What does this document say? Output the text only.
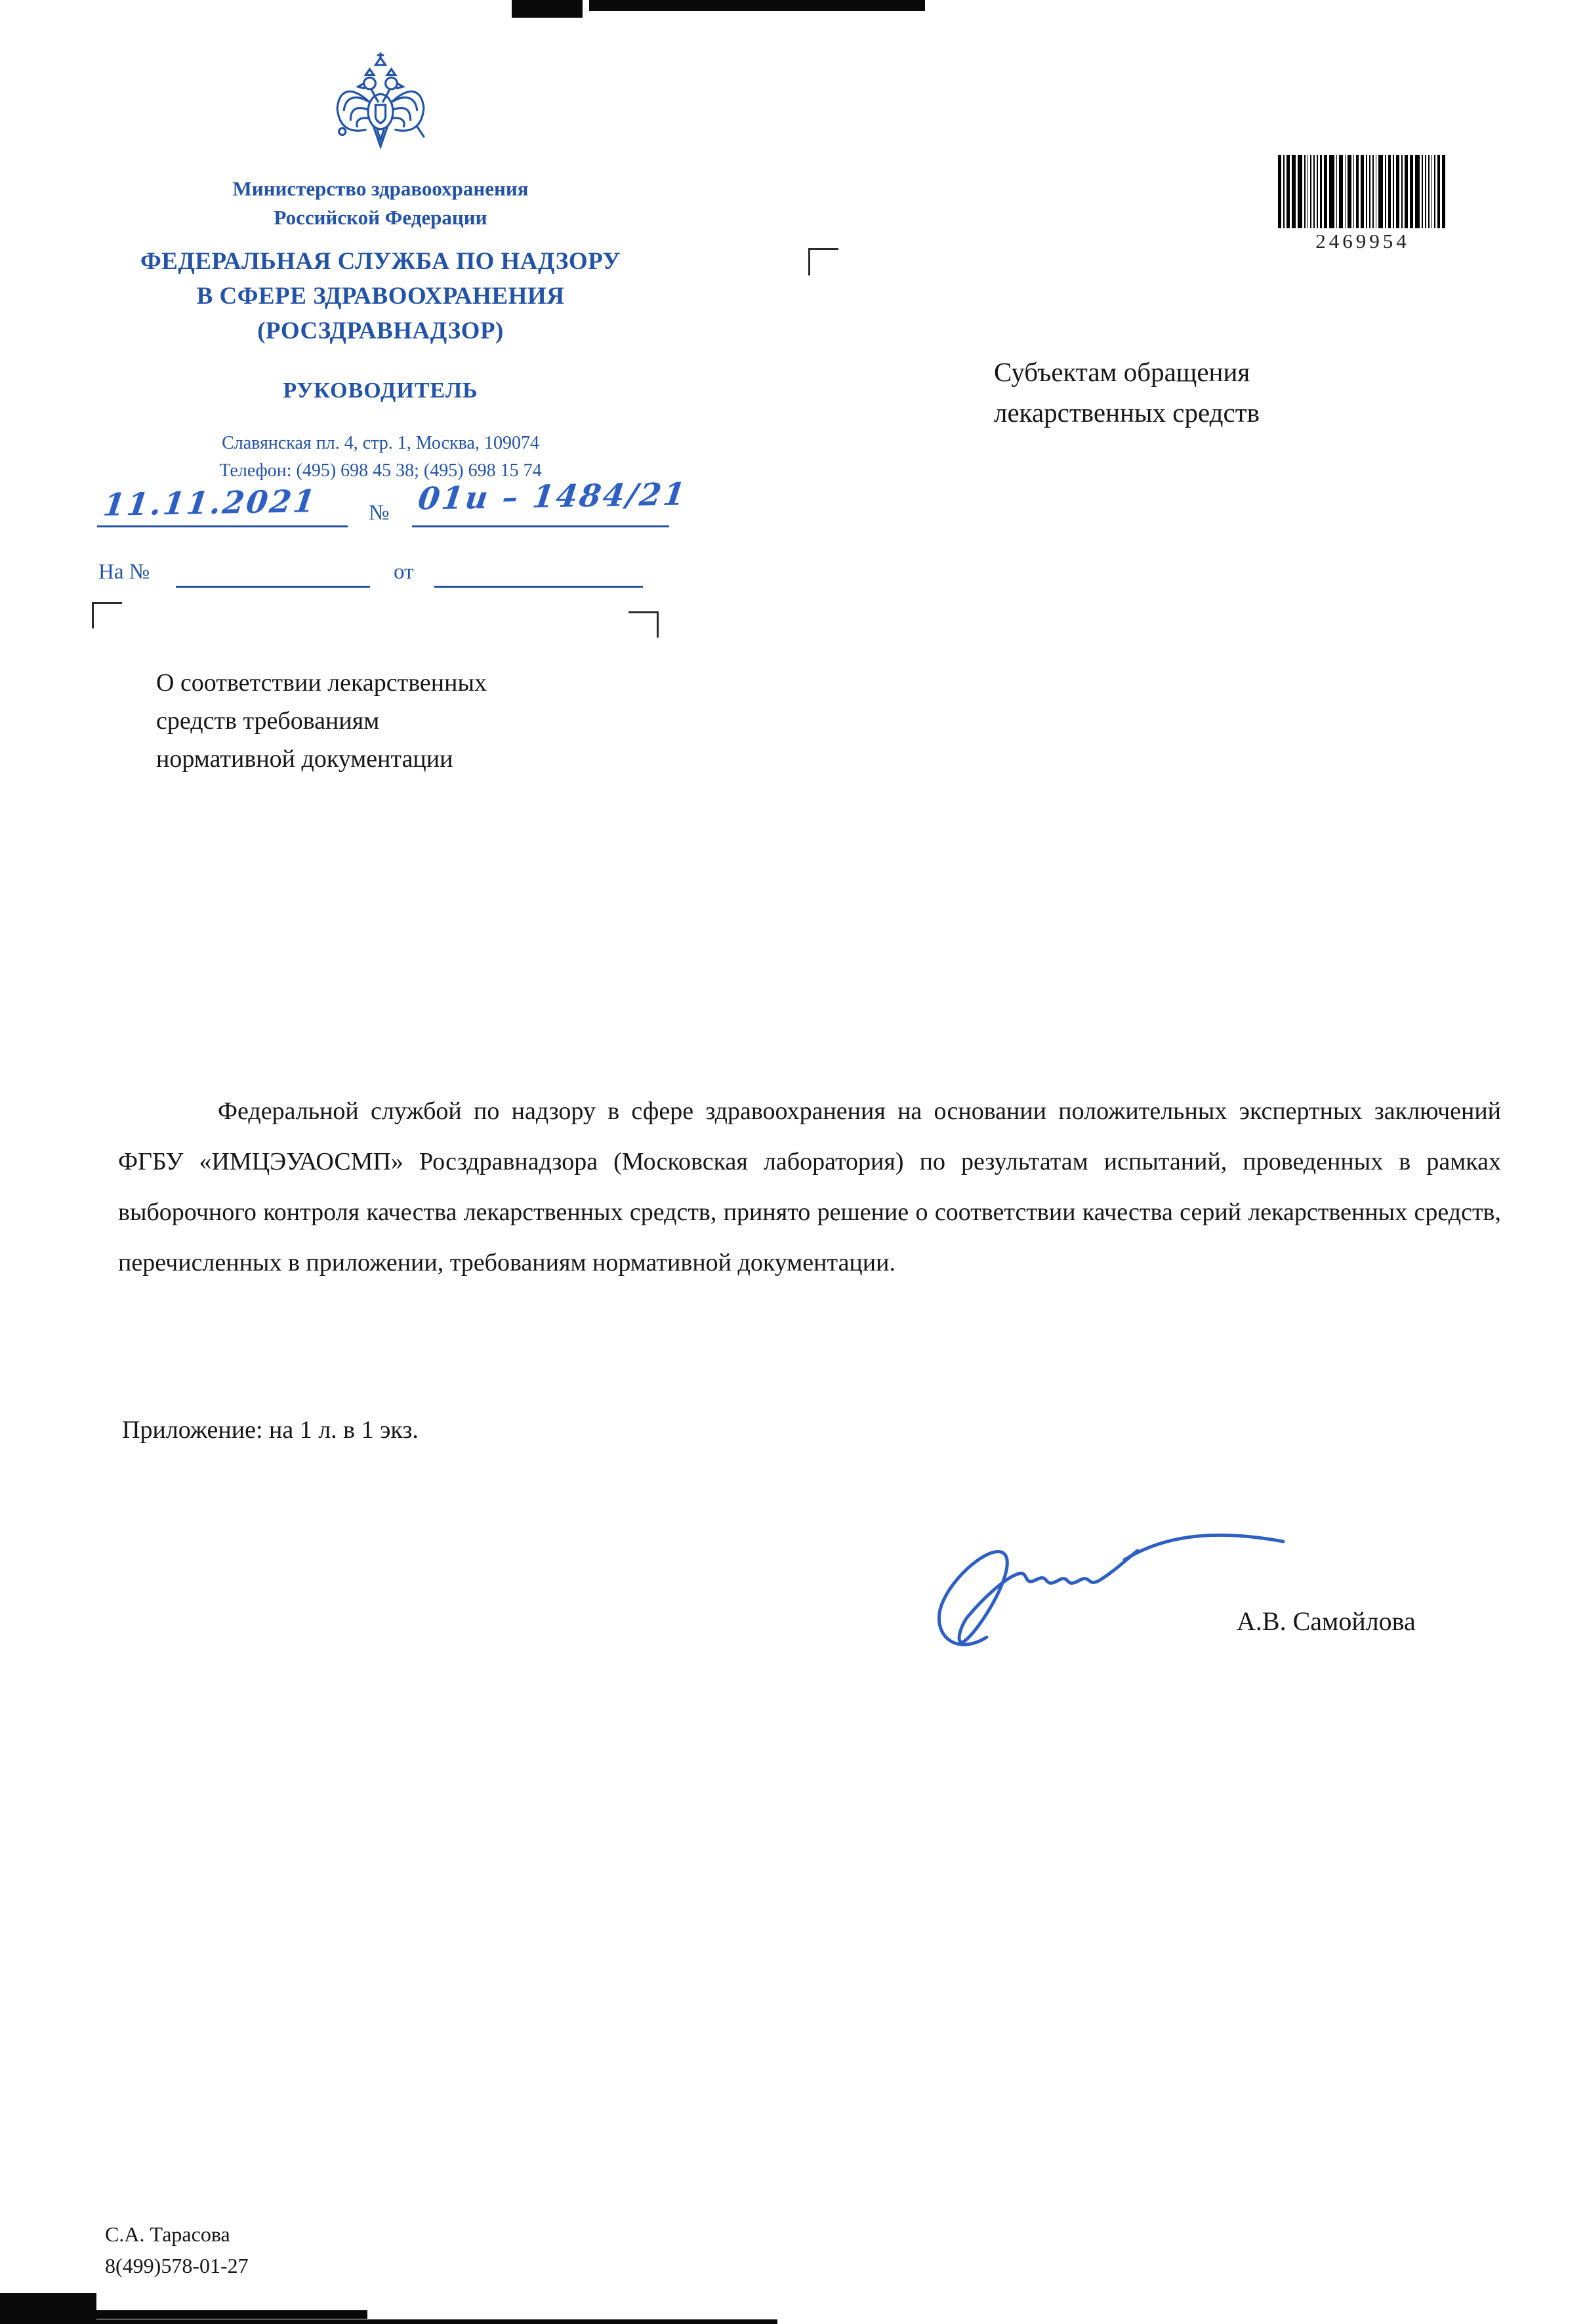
Министерство здравоохранения
Российской Федерации
ФЕДЕРАЛЬНАЯ СЛУЖБА ПО НАДЗОРУ
В СФЕРЕ ЗДРАВООХРАНЕНИЯ
(РОСЗДРАВНАДЗОР)
РУКОВОДИТЕЛЬ
Славянская пл. 4, стр. 1, Москва, 109074
Телефон: (495) 698 45 38; (495) 698 15 74
11.11.2021 № 01и – 1484/21
На №	от
2469954
Субъектам обращения
лекарственных средств
О соответствии лекарственных
средств требованиям
нормативной документации
Федеральной службой по надзору в сфере здравоохранения на основании положительных экспертных заключений ФГБУ «ИМЦЭУАОСМП» Росздравнадзора (Московская лаборатория) по результатам испытаний, проведенных в рамках выборочного контроля качества лекарственных средств, принято решение о соответствии качества серий лекарственных средств, перечисленных в приложении, требованиям нормативной документации.
Приложение: на 1 л. в 1 экз.
А.В. Самойлова
С.А. Тарасова
8(499)578-01-27
